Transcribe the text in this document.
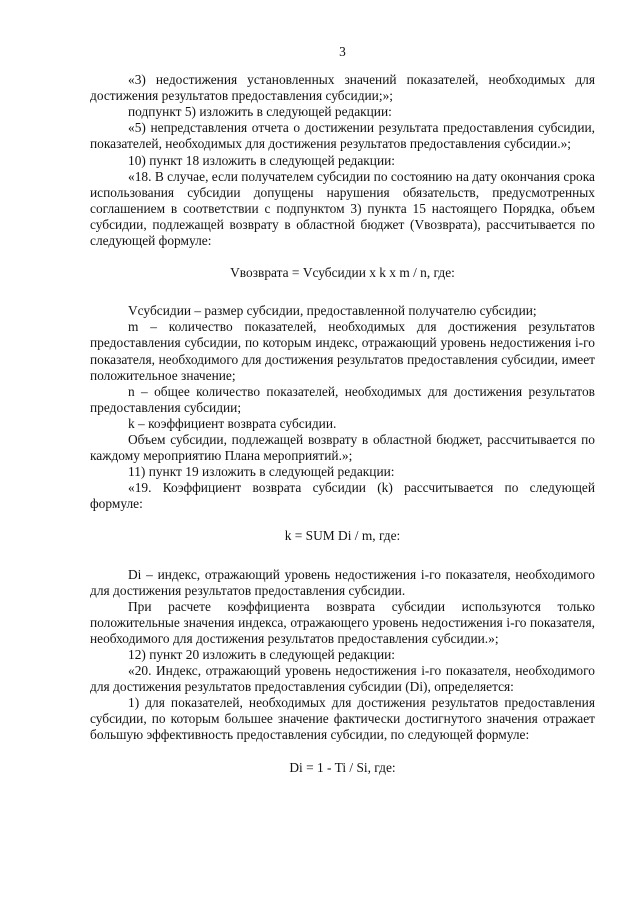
3

«3) недостижения установленных значений показателей, необходимых для достижения результатов предоставления субсидии;»;

подпункт 5) изложить в следующей редакции:

«5) непредставления отчета о достижении результата предоставления субсидии, показателей, необходимых для достижения результатов предоставления субсидии.»;

10) пункт 18 изложить в следующей редакции:

«18. В случае, если получателем субсидии по состоянию на дату окончания срока использования субсидии допущены нарушения обязательств, предусмотренных соглашением в соответствии с подпунктом 3) пункта 15 настоящего Порядка, объем субсидии, подлежащей возврату в областной бюджет (Vвозврата), рассчитывается по следующей формуле:

Vвозврата = Vсубсидии x k x m / n, где:

Vсубсидии – размер субсидии, предоставленной получателю субсидии;

m – количество показателей, необходимых для достижения результатов предоставления субсидии, по которым индекс, отражающий уровень недостижения i-го показателя, необходимого для достижения результатов предоставления субсидии, имеет положительное значение;

n – общее количество показателей, необходимых для достижения результатов предоставления субсидии;

k – коэффициент возврата субсидии.

Объем субсидии, подлежащей возврату в областной бюджет, рассчитывается по каждому мероприятию Плана мероприятий.»;

11) пункт 19 изложить в следующей редакции:

«19. Коэффициент возврата субсидии (k) рассчитывается по следующей формуле:

k = SUM Di / m, где:

Di – индекс, отражающий уровень недостижения i-го показателя, необходимого для достижения результатов предоставления субсидии.

При расчете коэффициента возврата субсидии используются только положительные значения индекса, отражающего уровень недостижения i-го показателя, необходимого для достижения результатов предоставления субсидии.»;

12) пункт 20 изложить в следующей редакции:

«20. Индекс, отражающий уровень недостижения i-го показателя, необходимого для достижения результатов предоставления субсидии (Di), определяется:

1) для показателей, необходимых для достижения результатов предоставления субсидии, по которым большее значение фактически достигнутого значения отражает большую эффективность предоставления субсидии, по следующей формуле:

Di = 1 - Ti / Si, где:
